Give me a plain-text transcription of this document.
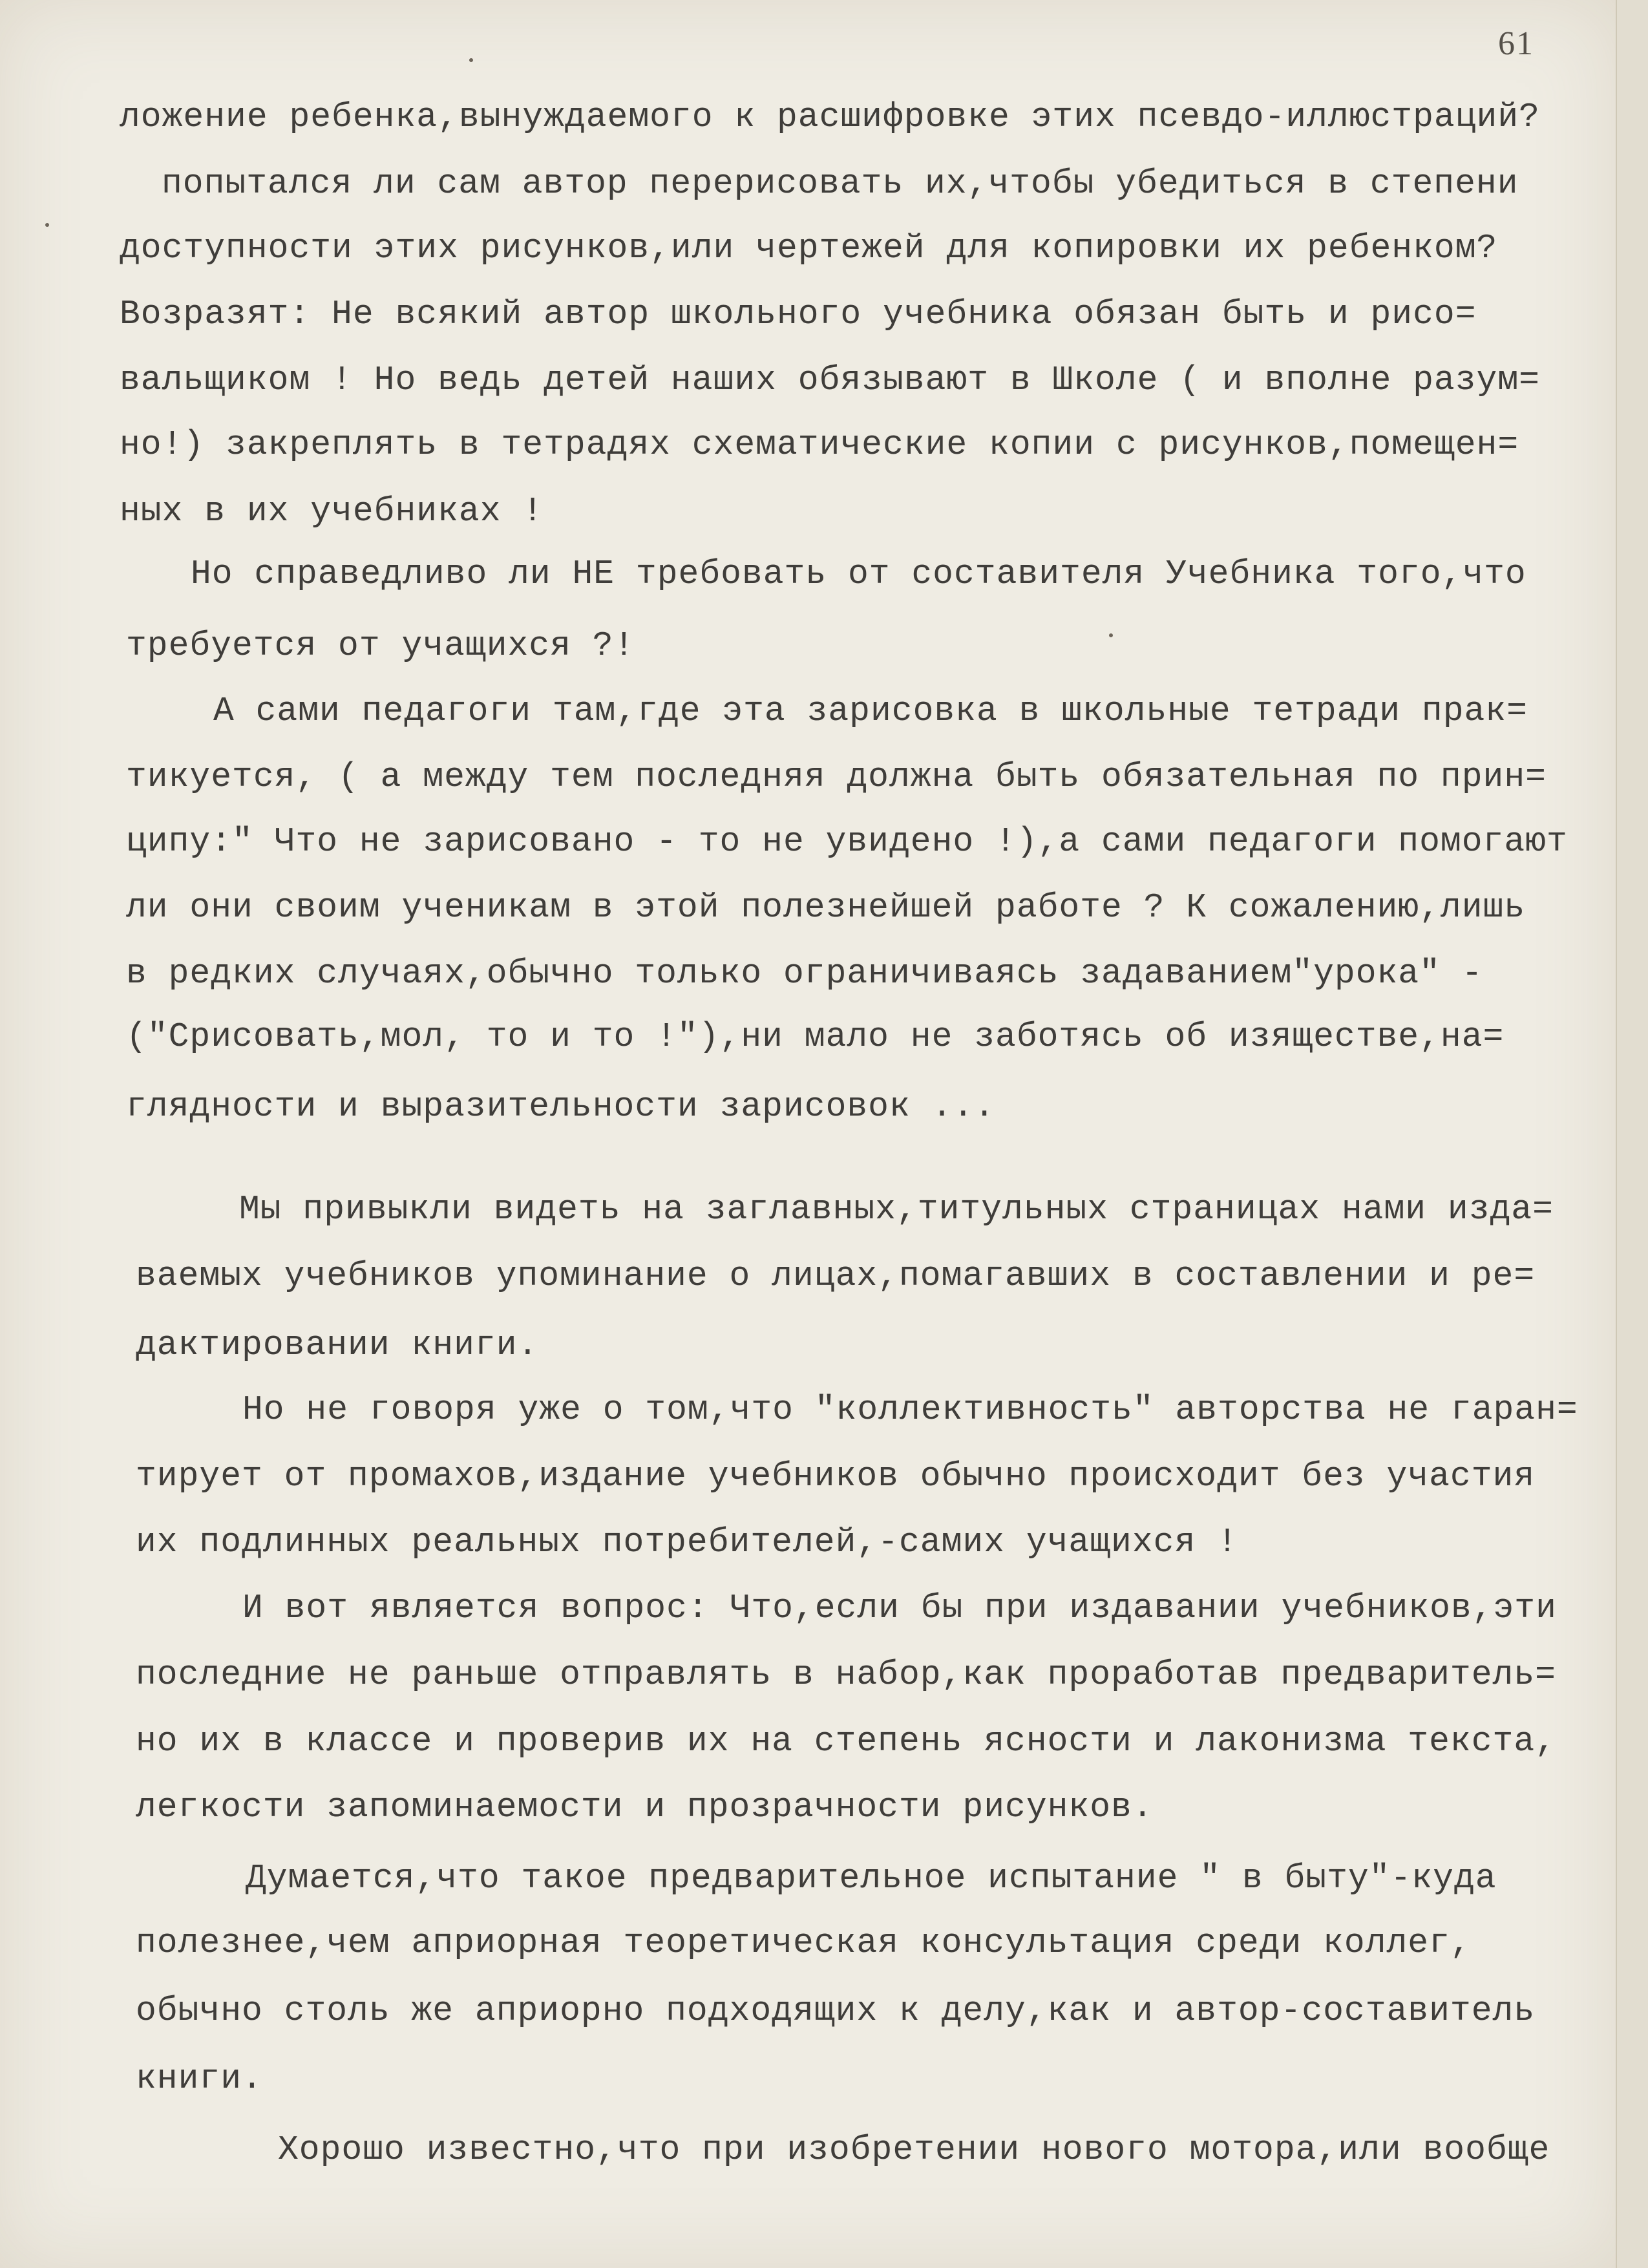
61
ложение ребенка,вынуждаемого к расшифровке этих псевдо-иллюстраций?
попытался ли сам автор перерисовать их,чтобы убедиться в степени
доступности этих рисунков,или чертежей для копировки их ребенком?
Возразят: Не всякий автор школьного учебника обязан быть и рисо=
вальщиком ! Но ведь детей наших обязывают в Школе ( и вполне разум=
но!) закреплять в тетрадях схематические копии с рисунков,помещен=
ных в их учебниках !
Но справедливо ли НЕ требовать от составителя Учебника того,что
требуется от учащихся ?!
А сами педагоги там,где эта зарисовка в школьные тетради прак=
тикуется, ( а между тем последняя должна быть обязательная по прин=
ципу:" Что не зарисовано - то не увидено !),а сами педагоги помогают
ли они своим ученикам в этой полезнейшей работе ? К сожалению,лишь
в редких случаях,обычно только ограничиваясь задаванием"урока" -
("Срисовать,мол, то и то !"),ни мало не заботясь об изяществе,на=
глядности и выразительности зарисовок ...
Мы привыкли видеть на заглавных,титульных страницах нами изда=
ваемых учебников упоминание о лицах,помагавших в составлении и ре=
дактировании книги.
Но не говоря уже о том,что "коллективность" авторства не гаран=
тирует от промахов,издание учебников обычно происходит без участия
их подлинных реальных потребителей,-самих учащихся !
И вот является вопрос: Что,если бы при издавании учебников,эти
последние не раньше отправлять в набор,как проработав предваритель=
но их в классе и проверив их на степень ясности и лаконизма текста,
легкости запоминаемости и прозрачности рисунков.
Думается,что такое предварительное испытание " в быту"-куда
полезнее,чем априорная теоретическая консультация среди коллег,
обычно столь же априорно подходящих к делу,как и автор-составитель
книги.
Хорошо известно,что при изобретении нового мотора,или вообще
